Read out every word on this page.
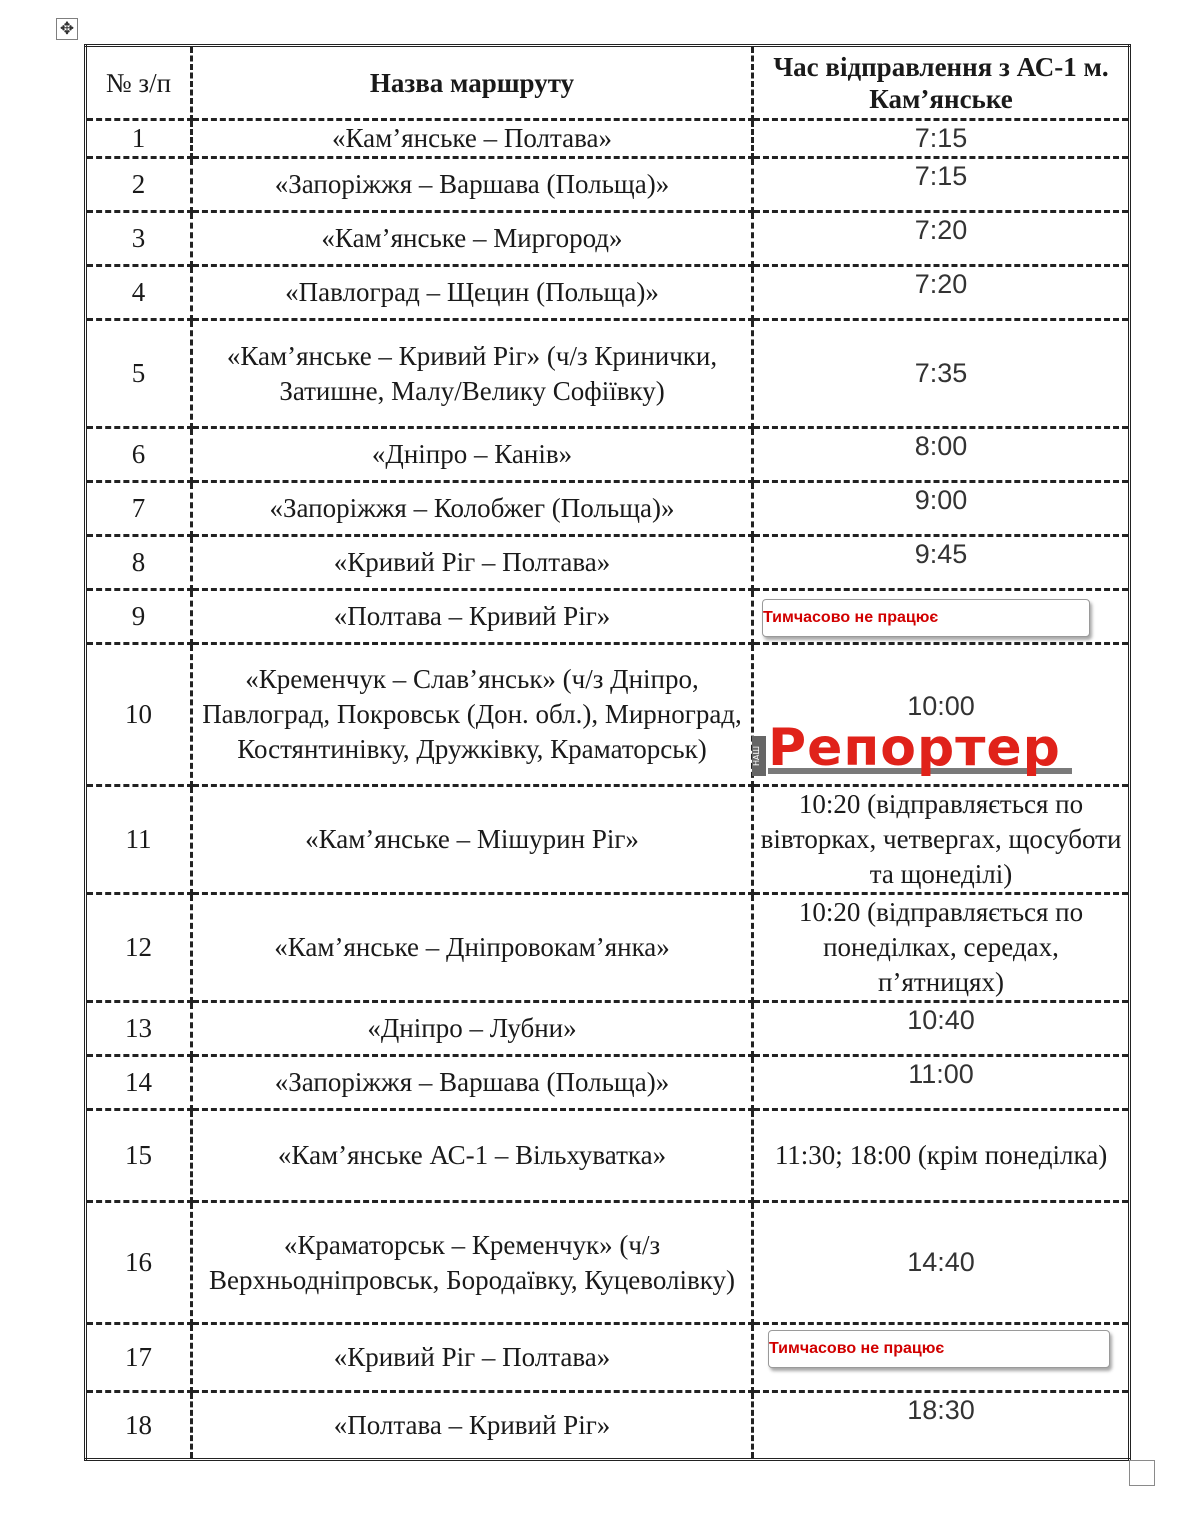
✥
№ з/п	Назва маршруту	Час відправлення з АС-1 м. Кам’янське
1	«Кам’янське – Полтава»	7:15
2	«Запоріжжя – Варшава (Польща)»	7:15
3	«Кам’янське – Миргород»	7:20
4	«Павлоград – Щецин (Польща)»	7:20
5	«Кам’янське – Кривий Ріг» (ч/з Кринички, Затишне, Малу/Велику Софіївку)	7:35
6	«Дніпро – Канів»	8:00
7	«Запоріжжя – Колобжег (Польща)»	9:00
8	«Кривий Ріг – Полтава»	9:45
9	«Полтава – Кривий Ріг»	Тимчасово не працює
10	«Кременчук – Слав’янськ» (ч/з Дніпро, Павлоград, Покровськ (Дон. обл.), Мирноград, Костянтинівку, Дружківку, Краматорськ)	10:00
11	«Кам’янське – Мішурин Ріг»	10:20 (відправляється по вівторках, четвергах, щосуботи та щонеділі)
12	«Кам’янське – Дніпровокам’янка»	10:20 (відправляється по понеділках, середах, п’ятницях)
13	«Дніпро – Лубни»	10:40
14	«Запоріжжя – Варшава (Польща)»	11:00
15	«Кам’янське АС-1 – Вільхуватка»	11:30; 18:00 (крім понеділка)
16	«Краматорськ – Кременчук» (ч/з Верхньодніпровськ, Бородаївку, Куцеволівку)	14:40
17	«Кривий Ріг – Полтава»	Тимчасово не працює
18	«Полтава – Кривий Ріг»	18:30
НАШ Репортер
